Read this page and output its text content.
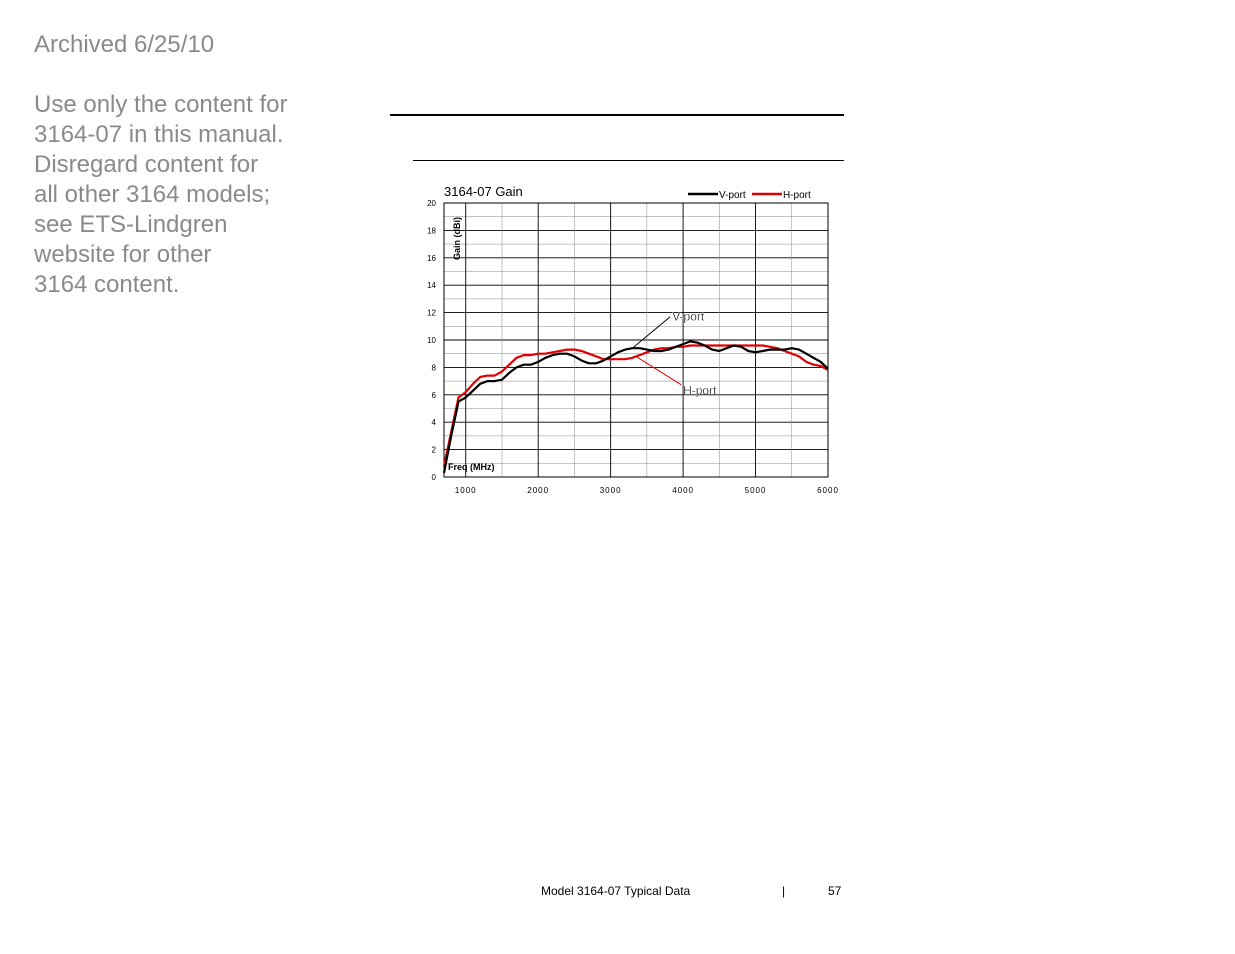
Archived 6/25/10
Use only the content for
3164-07 in this manual.
Disregard content for
all other 3164 models;
see ETS-Lindgren
website for other
3164 content.
3164-07 Gain	V-port	H-port
0
2
4
6
8
10
12
14
16
18
20
1000	2000	3000	4000	5000	6000
Gain (dBi)
Freq (MHz)
V-port
H-port
Model 3164-07 Typical Data	|	57
